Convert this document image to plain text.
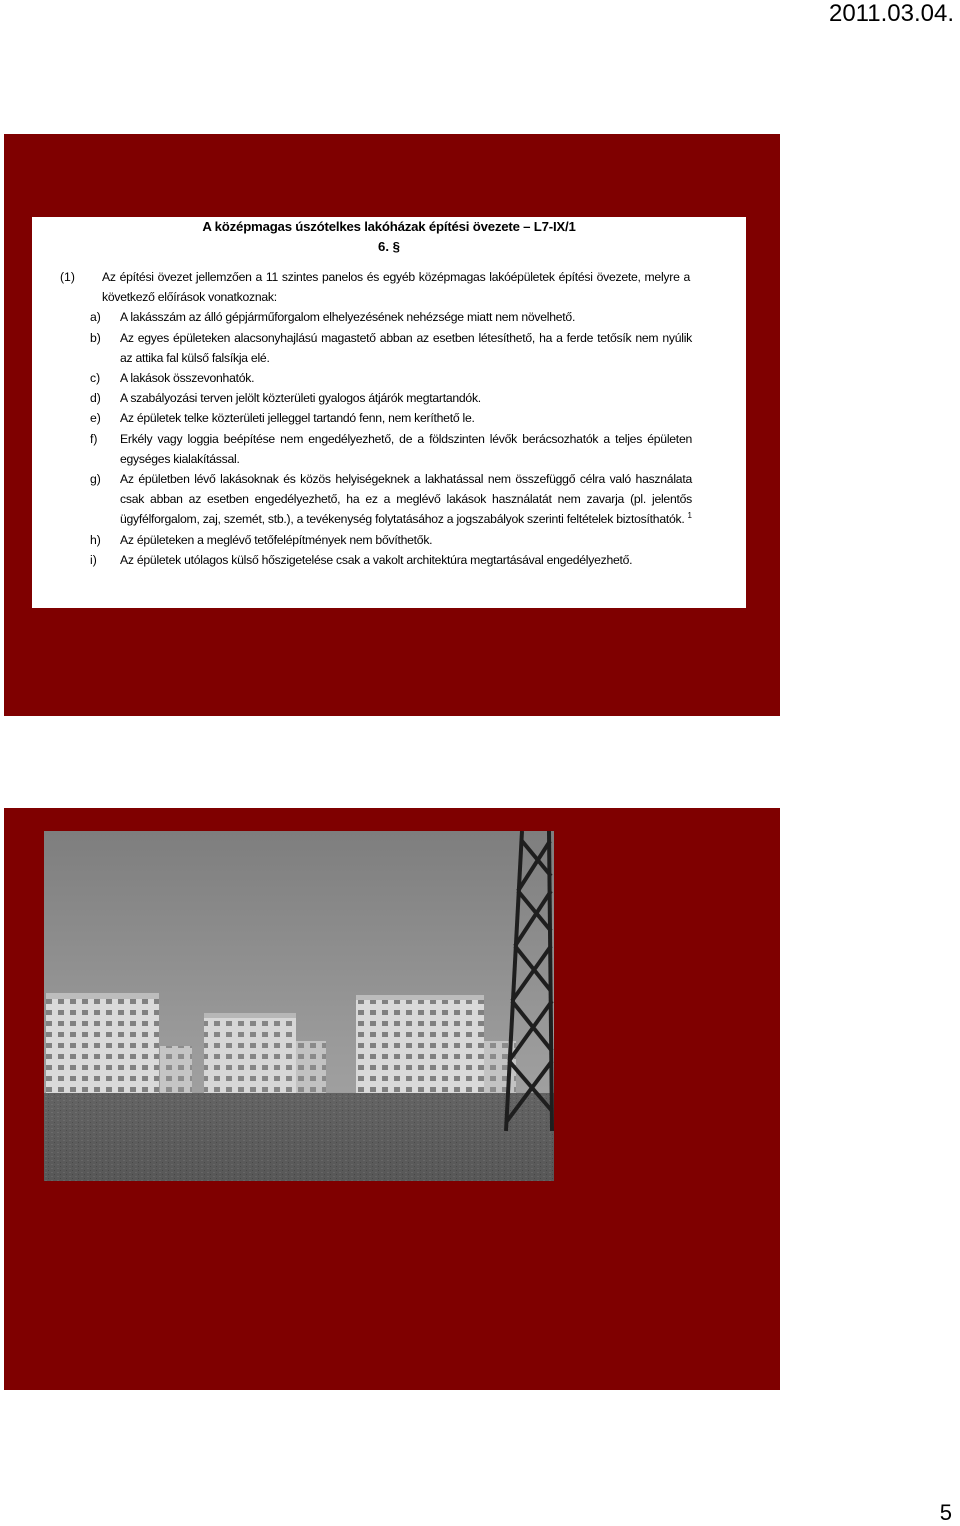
2011.03.04.
A középmagas úszótelkes lakóházak építési övezete – L7-IX/1
6. §
(1)	Az építési övezet jellemzően a 11 szintes panelos és egyéb középmagas lakóépületek építési övezete, melyre a következő előírások vonatkoznak:
a)	A lakásszám az álló gépjárműforgalom elhelyezésének nehézsége miatt nem növelhető.
b)	Az egyes épületeken alacsonyhajlású magastető abban az esetben létesíthető, ha a ferde tetősík nem nyúlik az attika fal külső falsíkja elé.
c)	A lakások összevonhatók.
d)	A szabályozási terven jelölt közterületi gyalogos átjárók megtartandók.
e)	Az épületek telke közterületi jelleggel tartandó fenn, nem keríthető le.
f)	Erkély vagy loggia beépítése nem engedélyezhető, de a földszinten lévők berácsozhatók a teljes épületen egységes kialakítással.
g)	Az épületben lévő lakásoknak és közös helyiségeknek a lakhatással nem összefüggő célra való használata csak abban az esetben engedélyezhető, ha ez a meglévő lakások használatát nem zavarja (pl. jelentős ügyfélforgalom, zaj, szemét, stb.), a tevékenység folytatásához a jogszabályok szerinti feltételek biztosíthatók. $^1$
h)	Az épületeken a meglévő tetőfelépítmények nem bővíthetők.
i)	Az épületek utólagos külső hőszigetelése csak a vakolt architektúra megtartásával engedélyezhető.
5
